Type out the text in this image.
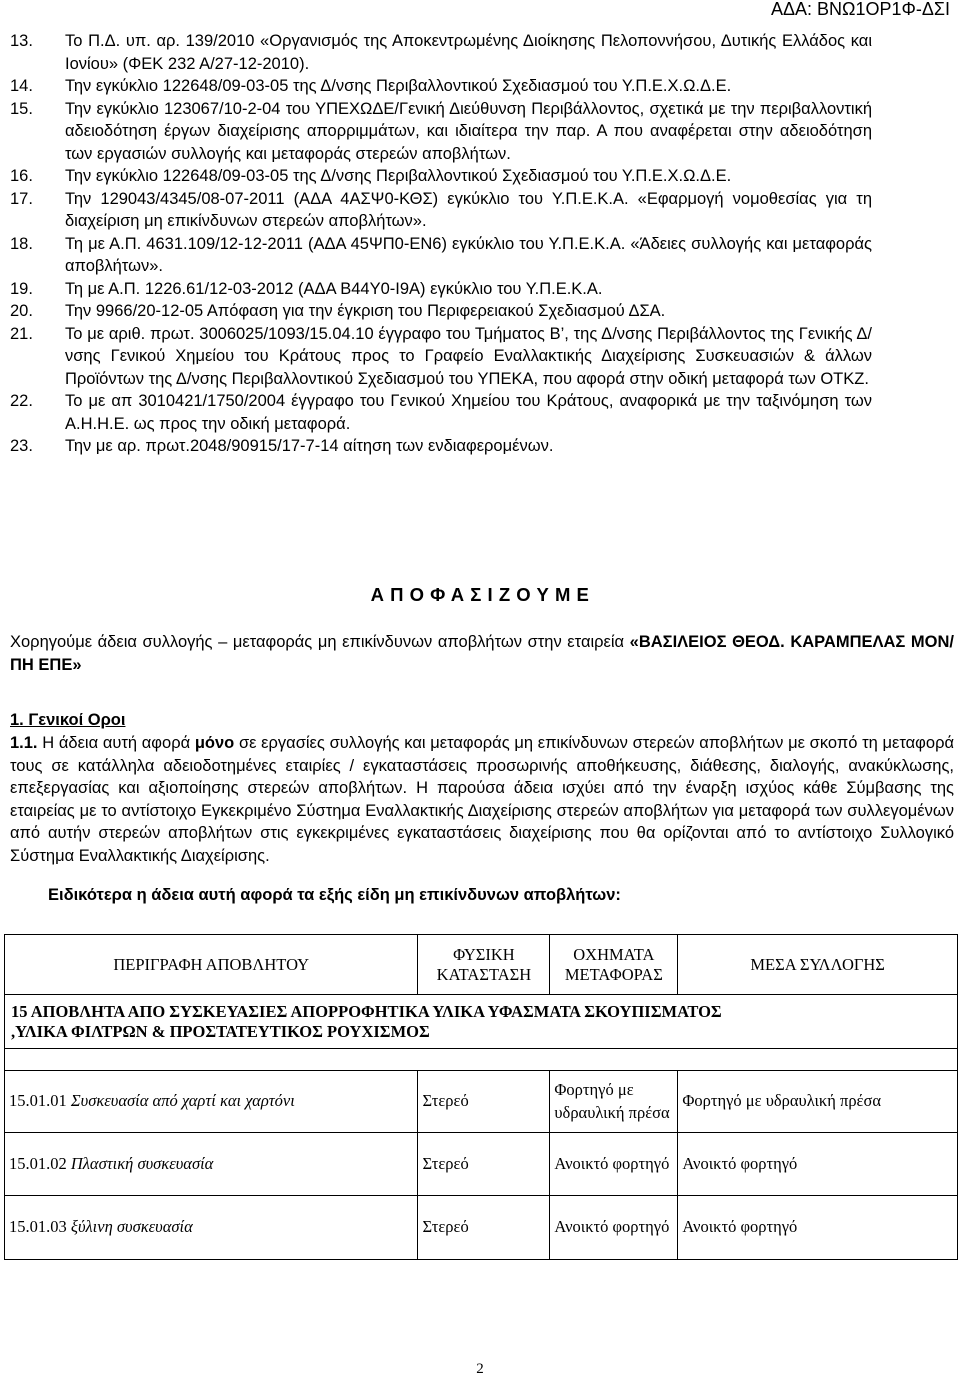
ΑΔΑ: ΒΝΩ1ΟΡ1Φ-ΔΣΙ
13.	Το Π.Δ. υπ. αρ. 139/2010 «Οργανισμός της Αποκεντρωμένης Διοίκησης Πελοποννήσου, Δυτικής Ελλάδος και Ιονίου» (ΦΕΚ 232 Α/27-12-2010).
14.	Την εγκύκλιο 122648/09-03-05 της Δ/νσης Περιβαλλοντικού Σχεδιασμού του Υ.Π.Ε.Χ.Ω.Δ.Ε.
15.	Την εγκύκλιο 123067/10-2-04 του ΥΠΕΧΩΔΕ/Γενική Διεύθυνση Περιβάλλοντος, σχετικά με την περιβαλλοντική αδειοδότηση έργων διαχείρισης απορριμμάτων, και ιδιαίτερα την παρ. Α που αναφέρεται στην αδειοδότηση των εργασιών συλλογής και μεταφοράς στερεών αποβλήτων.
16.	Την εγκύκλιο 122648/09-03-05 της Δ/νσης Περιβαλλοντικού Σχεδιασμού του Υ.Π.Ε.Χ.Ω.Δ.Ε.
17.	Την 129043/4345/08-07-2011 (ΑΔΑ 4ΑΣΨ0-ΚΘΣ) εγκύκλιο του Υ.Π.Ε.Κ.Α. «Εφαρμογή νομοθεσίας για τη διαχείριση μη επικίνδυνων στερεών αποβλήτων».
18.	Τη με Α.Π. 4631.109/12-12-2011 (ΑΔΑ 45ΨΠ0-ΕΝ6) εγκύκλιο του Υ.Π.Ε.Κ.Α. «Άδειες συλλογής και μεταφοράς αποβλήτων».
19.	Τη με Α.Π. 1226.61/12-03-2012 (ΑΔΑ Β44Υ0-Ι9Α) εγκύκλιο του Υ.Π.Ε.Κ.Α.
20.	Την 9966/20-12-05 Απόφαση για την έγκριση του Περιφερειακού Σχεδιασμού ΔΣΑ.
21.	Το με αριθ. πρωτ. 3006025/1093/15.04.10 έγγραφο του Τμήματος Β’, της Δ/νσης Περιβάλλοντος της Γενικής Δ/νσης Γενικού Χημείου του Κράτους προς το Γραφείο Εναλλακτικής Διαχείρισης Συσκευασιών & άλλων Προϊόντων της Δ/νσης Περιβαλλοντικού Σχεδιασμού του ΥΠΕΚΑ, που αφορά στην οδική μεταφορά των ΟΤΚΖ.
22.	Το με απ 3010421/1750/2004 έγγραφο του Γενικού Χημείου του Κράτους, αναφορικά με την ταξινόμηση των Α.Η.Η.Ε. ως προς την οδική μεταφορά.
23.	Την με αρ. πρωτ.2048/90915/17-7-14 αίτηση των ενδιαφερομένων.
Α Π Ο Φ Α Σ Ι Ζ Ο Υ Μ Ε
Χορηγούμε άδεια συλλογής – μεταφοράς μη επικίνδυνων αποβλήτων στην εταιρεία «ΒΑΣΙΛΕΙΟΣ ΘΕΟΔ. ΚΑΡΑΜΠΕΛΑΣ ΜΟΝ/ΠΗ ΕΠΕ»
1. Γενικοί Οροι
1.1. Η άδεια αυτή αφορά μόνο σε εργασίες συλλογής και μεταφοράς μη επικίνδυνων στερεών αποβλήτων με σκοπό τη μεταφορά τους σε κατάλληλα αδειοδοτημένες εταιρίες / εγκαταστάσεις προσωρινής αποθήκευσης, διάθεσης, διαλογής, ανακύκλωσης, επεξεργασίας και αξιοποίησης στερεών αποβλήτων. Η παρούσα άδεια ισχύει από την έναρξη ισχύος κάθε Σύμβασης της εταιρείας με το αντίστοιχο Εγκεκριμένο Σύστημα Εναλλακτικής Διαχείρισης στερεών αποβλήτων για μεταφορά των συλλεγομένων από αυτήν στερεών αποβλήτων στις εγκεκριμένες εγκαταστάσεις διαχείρισης που θα ορίζονται από το αντίστοιχο Συλλογικό Σύστημα Εναλλακτικής Διαχείρισης.
Ειδικότερα η άδεια αυτή αφορά τα εξής είδη μη επικίνδυνων αποβλήτων:
ΠΕΡΙΓΡΑΦΗ ΑΠΟΒΛΗΤΟΥ	ΦΥΣΙΚΗ ΚΑΤΑΣΤΑΣΗ	ΟΧΗΜΑΤΑ ΜΕΤΑΦΟΡΑΣ	ΜΕΣΑ ΣΥΛΛΟΓΗΣ
15 ΑΠΟΒΛΗΤΑ ΑΠΟ ΣΥΣΚΕΥΑΣΙΕΣ ΑΠΟΡΡΟΦΗΤΙΚΑ ΥΛΙΚΑ ΥΦΑΣΜΑΤΑ ΣΚΟΥΠΙΣΜΑΤΟΣ ,ΥΛΙΚΑ ΦΙΛΤΡΩΝ & ΠΡΟΣΤΑΤΕΥΤΙΚΟΣ ΡΟΥΧΙΣΜΟΣ			

15.01.01 Συσκευασία από χαρτί και χαρτόνι	Στερεό	Φορτηγό με υδραυλική πρέσα	Φορτηγό με υδραυλική πρέσα
15.01.02 Πλαστική συσκευασία	Στερεό	Ανοικτό φορτηγό	Ανοικτό φορτηγό
15.01.03 ξύλινη συσκευασία	Στερεό	Ανοικτό φορτηγό	Ανοικτό φορτηγό
2
